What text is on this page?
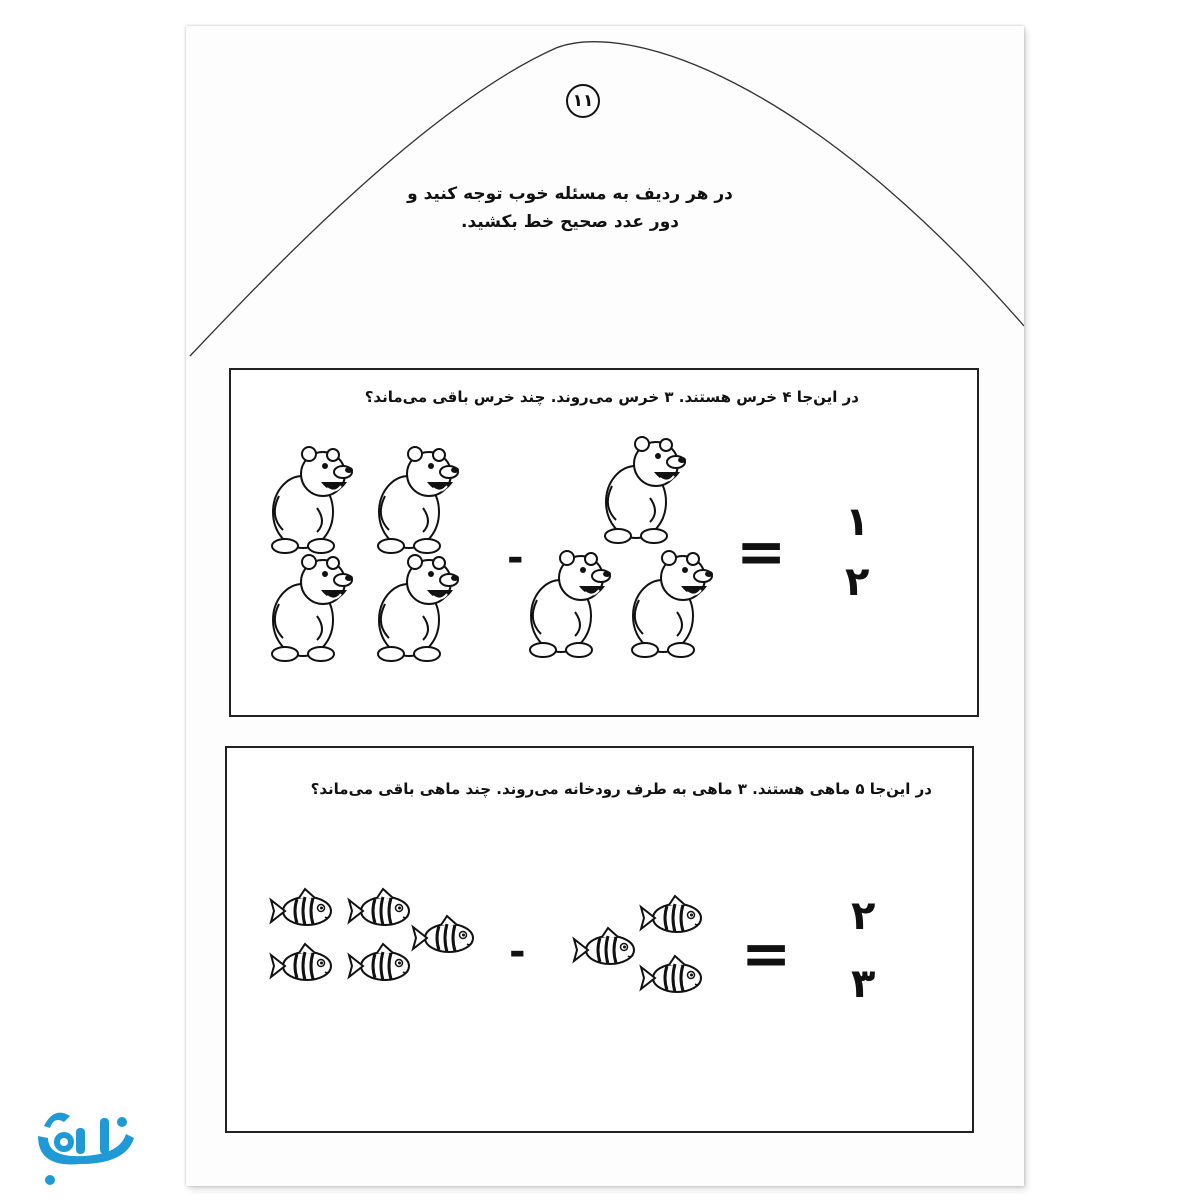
۱۱
در هر ردیف به مسئله خوب توجه کنید و
دور عدد صحیح خط بکشید.
در این‌جا ۴ خرس هستند. ۳ خرس می‌روند. چند خرس باقی می‌ماند؟
-	= ۱
۲
در این‌جا ۵ ماهی هستند. ۳ ماهی به طرف رودخانه می‌روند. چند ماهی باقی می‌ماند؟
-	=
۲
۳
